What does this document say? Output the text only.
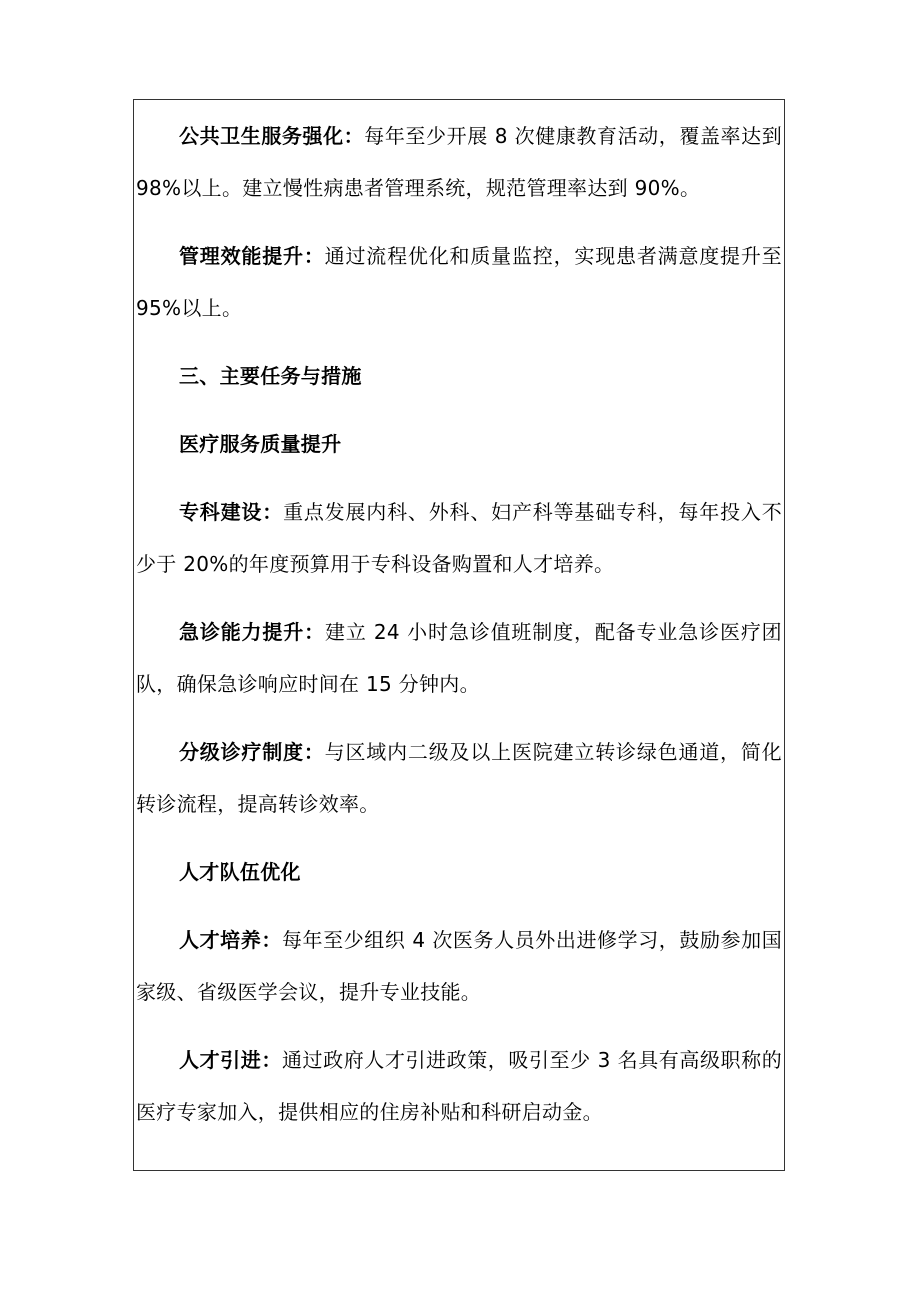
公共卫生服务强化：每年至少开展 8 次健康教育活动，覆盖率达到 98%以上。建立慢性病患者管理系统，规范管理率达到 90%。

管理效能提升：通过流程优化和质量监控，实现患者满意度提升至 95%以上。

三、主要任务与措施

医疗服务质量提升

专科建设：重点发展内科、外科、妇产科等基础专科，每年投入不少于 20%的年度预算用于专科设备购置和人才培养。

急诊能力提升：建立 24 小时急诊值班制度，配备专业急诊医疗团队，确保急诊响应时间在 15 分钟内。

分级诊疗制度：与区域内二级及以上医院建立转诊绿色通道，简化转诊流程，提高转诊效率。

人才队伍优化

人才培养：每年至少组织 4 次医务人员外出进修学习，鼓励参加国家级、省级医学会议，提升专业技能。

人才引进：通过政府人才引进政策，吸引至少 3 名具有高级职称的医疗专家加入，提供相应的住房补贴和科研启动金。
